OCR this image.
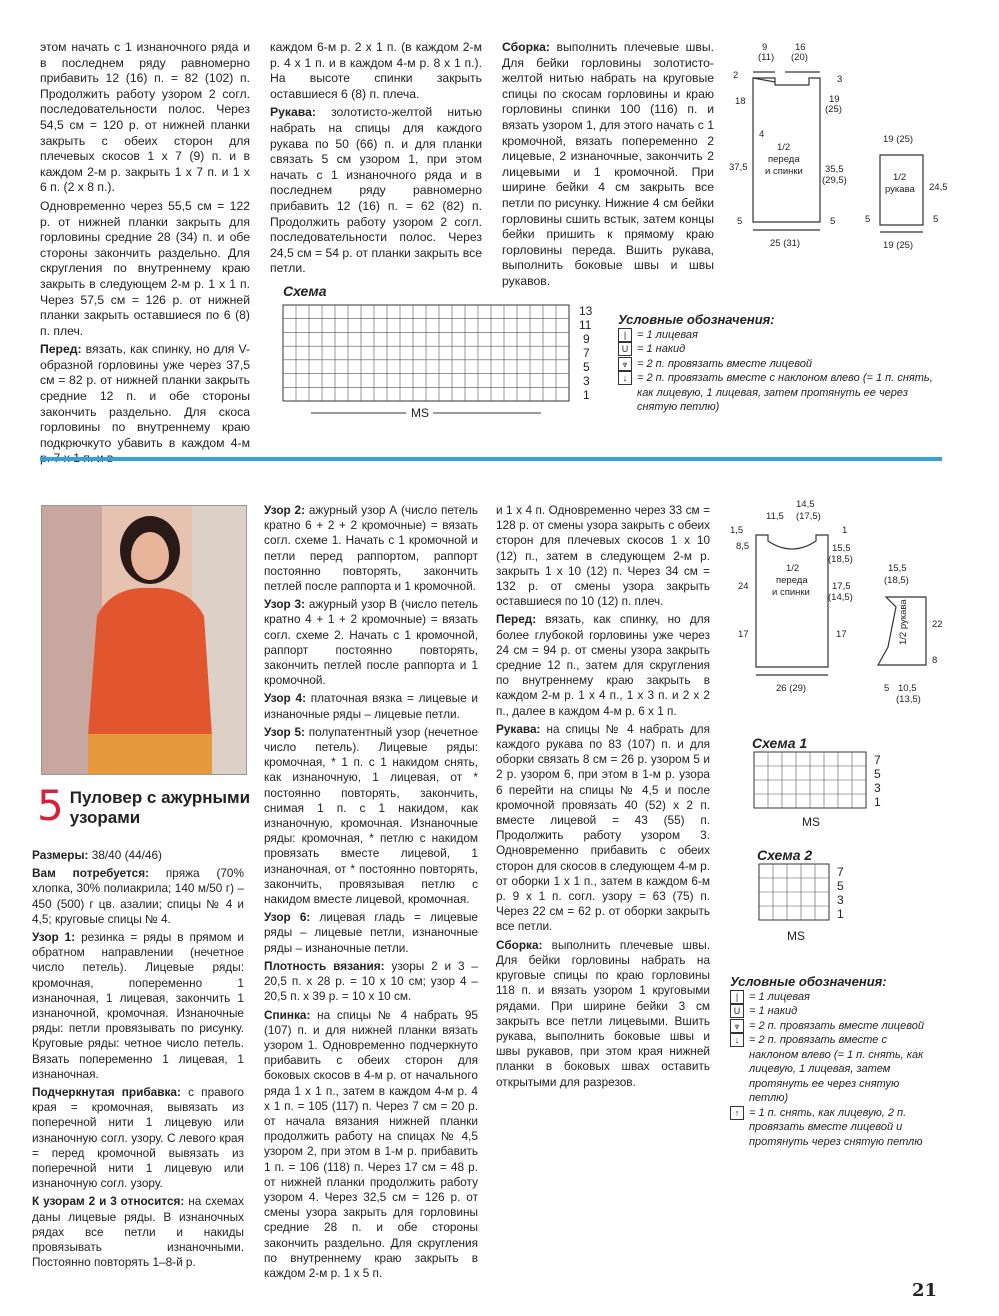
этом начать с 1 изнаночного ряда и в последнем ряду равномерно прибавить 12 (16) п. = 82 (102) п. Продолжить работу узором 2 согл. последовательности полос. Через 54,5 см = 120 р. от нижней планки закрыть с обеих сторон для плечевых скосов 1 х 7 (9) п. и в каждом 2-м р. закрыть 1 х 7 п. и 1 х 6 п. (2 х 8 п.).

Одновременно через 55,5 см = 122 р. от нижней планки закрыть для горловины средние 28 (34) п. и обе стороны закончить раздельно. Для скругления по внутреннему краю закрыть в следующем 2-м р. 1 х 1 п. Через 57,5 см = 126 р. от нижней планки закрыть оставшиеся по 6 (8) п. плеч.

Перед: вязать, как спинку, но для V-образной горловины уже через 37,5 см = 82 р. от нижней планки закрыть средние 12 п. и обе стороны закончить раздельно. Для скоса горловины по внутреннему краю подкрючкуто убавить в каждом 4-м

каждом 6-м р. 2 х 1 п. (в каждом 2-м р. 4 х 1 п. и в каждом 4-м р. 8 х 1 п.). На высоте спинки закрыть оставшиеся 6 (8) п. плеча.

Рукава: золотисто-желтой нитью набрать на спицы для каждого рукава по 50 (66) п. и для планки связать 5 см узором 1, при этом начать с 1 изнаночного ряда и в последнем ряду равномерно прибавить 12 (16) п. = 62 (82) п. Продолжить работу узором 2 согл. последовательности полос. Через 24,5 см = 54 р. от планки закрыть все петли.

Сборка: выполнить плечевые швы. Для бейки горловины золотисто-желтой нитью набрать на круговые спицы по скосам горловины и краю горловины спинки 100 (116) п. и вязать узором 1, для этого начать с 1 кромочной, вязать попеременно 2 лицевые, 2 изнаночные, закончить 2 лицевыми и 1 кромочной. При ширине бейки 4 см закрыть все петли по рисунку. Нижние 4 см бейки горловины сшить встык, затем концы бейки пришить к прямому краю горловины переда. Вшить рукава, выполнить боковые швы и швы рукавов.

9
(11)
16
(20)
2	3
18	19
(25)
4
1/2
переда
и спинки
37,5	35,5
(29,5)
5	5
25 (31)
19 (25)
1/2
рукава 24,5
19 (25)
5	5
Схема
13
11
9
7
5
3
1
MS
Условные обозначения:
| = 1 лицевая
U = 1 накид
⩔ = 2 п. провязать вместе лицевой
↓ = 2 п. провязать вместе с наклоном влево (= 1 п. снять, как лицевую, 1 лицевая, затем протянуть ее через снятую петлю)
5 Пуловер с ажурными узорами

Размеры: 38/40 (44/46)

Вам потребуется: пряжа (70% хлопка, 30% полиакрила; 140 м/50 г) – 450 (500) г цв. азалии; спицы № 4 и 4,5; круговые спицы № 4.

Узор 1: резинка = ряды в прямом и обратном направлении (нечетное число петель). Лицевые ряды: кромочная, попеременно 1 изнаночная, 1 лицевая, закончить 1 изнаночной, кромочная. Изнаночные ряды: петли провязывать по рисунку. Круговые ряды: четное число петель. Вязать попеременно 1 лицевая, 1 изнаночная.

Подчеркнутая прибавка: с правого края = кромочная, вывязать из поперечной нити 1 лицевую или изнаночную согл. узору. С левого края = перед кромочной вывязать из поперечной нити 1 лицевую или изнаночную согл. узору.

К узорам 2 и 3 относится: на схемах даны лицевые ряды. В изнаночных рядах все петли и накиды провязывать изнаночными. Постоянно повторять 1–8-й р.

Узор 2: ажурный узор А (число петель кратно 6 + 2 + 2 кромочные) = вязать согл. схеме 1. Начать с 1 кромочной и петли перед раппортом, раппорт постоянно повторять, закончить петлей после раппорта и 1 кромочной.

Узор 3: ажурный узор В (число петель кратно 4 + 1 + 2 кромочные) = вязать согл. схеме 2. Начать с 1 кромочной, раппорт постоянно повторять, закончить петлей после раппорта и 1 кромочной.

Узор 4: платочная вязка = лицевые и изнаночные ряды – лицевые петли.

Узор 5: полупатентный узор (нечетное число петель). Лицевые ряды: кромочная, * 1 п. с 1 накидом снять, как изнаночную, 1 лицевая, от * постоянно повторять, закончить, снимая 1 п. с 1 накидом, как изнаночную, кромочная. Изнаночные ряды: кромочная, * петлю с накидом провязать вместе лицевой, 1 изнаночная, от * постоянно повторять, закончить, провязывая петлю с накидом вместе лицевой, кромочная.

Узор 6: лицевая гладь = лицевые ряды – лицевые петли, изнаночные ряды – изнаночные петли.

Плотность вязания: узоры 2 и 3 – 20,5 п. х 28 р. = 10 х 10 см; узор 4 – 20,5 п. х 39 р. = 10 х 10 см.

Спинка: на спицы № 4 набрать 95 (107) п. и для нижней планки вязать узором 1. Одновременно подчеркнуто прибавить с обеих сторон для боковых скосов в 4-м р. от начального ряда 1 х 1 п., затем в каждом 4-м р. 4 х 1 п. = 105 (117) п. Через 7 см = 20 р. от начала вязания нижней планки продолжить работу на спицах № 4,5 узором 2, при этом в 1-м р. прибавить 1 п. = 106 (118) п. Через 17 см = 48 р. от нижней планки продолжить работу узором 4. Через 32,5 см = 126 р. от смены узора закрыть для горловины средние 28 п. и обе стороны закончить раздельно. Для скругления по внутреннему краю закрыть в каждом 2-м р. 1 х 5 п.

и 1 х 4 п. Одновременно через 33 см = 128 р. от смены узора закрыть с обеих сторон для плечевых скосов 1 х 10 (12) п., затем в следующем 2-м р. закрыть 1 х 10 (12) п. Через 34 см = 132 р. от смены узора закрыть оставшиеся по 10 (12) п. плеч.

Перед: вязать, как спинку, но для более глубокой горловины уже через 24 см = 94 р. от смены узора закрыть средние 12 п., затем для скругления по внутреннему краю закрыть в каждом 2-м р. 1 х 4 п., 1 х 3 п. и 2 х 2 п., далее в каждом 4-м р. 6 х 1 п.

Рукава: на спицы № 4 набрать для каждого рукава по 83 (107) п. и для оборки связать 8 см = 26 р. узором 5 и 2 р. узором 6, при этом в 1-м р. узора 6 перейти на спицы № 4,5 и после кромочной провязать 40 (52) х 2 п. вместе лицевой = 43 (55) п. Продолжить работу узором 3. Одновременно прибавить с обеих сторон для скосов в следующем 4-м р. от оборки 1 х 1 п., затем в каждом 6-м р. 9 х 1 п. согл. узору = 63 (75) п. Через 22 см = 62 р. от оборки закрыть все петли.

Сборка: выполнить плечевые швы. Для бейки горловины набрать на круговые спицы по краю горловины 118 п. и вязать узором 1 круговыми рядами. При ширине бейки 3 см закрыть все петли лицевыми. Вшить рукава, выполнить боковые швы и швы рукавов, при этом края нижней планки в боковых швах оставить открытыми для разрезов.

14,5
11,5 (17,5)
1,5	1
8,5	15,5
(18,5)
1/2
переда
и спинки
24	17,5
(14,5)
17	17
26 (29)
15,5
(18,5)
1/2 рукава 22
8
5 10,5
(13,5)
Схема 1
7
5
3
1
MS
Схема 2
7
5
3
1
MS
Условные обозначения:
| = 1 лицевая
U = 1 накид
⩔ = 2 п. провязать вместе лицевой
↓ = 2 п. провязать вместе с наклоном влево (= 1 п. снять, как лицевую, 1 лицевая, затем протянуть ее через снятую петлю)
↑ = 1 п. снять, как лицевую, 2 п. провязать вместе лицевой и протянуть через снятую петлю
21
